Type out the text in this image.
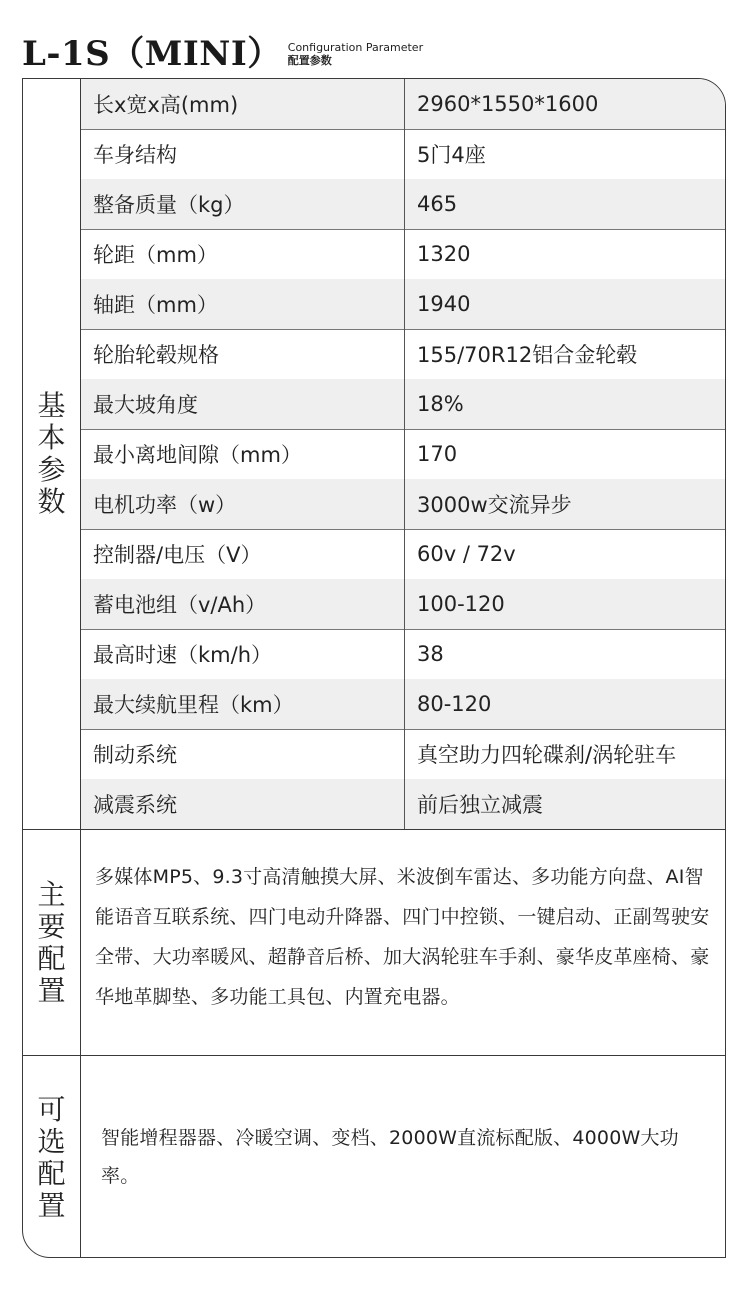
L-1S（MINI） Configuration Parameter
配置参数
长x宽x高(mm)	2960*1550*1600
车身结构	5门4座
整备质量（kg）	465
轮距（mm）	1320
轴距（mm）	1940
轮胎轮毂规格	155/70R12铝合金轮毂
最大坡角度	18%
最小离地间隙（mm）	170
电机功率（w）	3000w交流异步
控制器/电压（V）	60v / 72v
蓄电池组（v/Ah）	100-120
最高时速（km/h）	38
最大续航里程（km）	80-120
制动系统	真空助力四轮碟刹/涡轮驻车
减震系统	前后独立减震
基本参数
主要配置
可选配置
多媒体MP5、9.3寸高清触摸大屏、米波倒车雷达、多功能方向盘、AI智能语音互联系统、四门电动升降器、四门中控锁、一键启动、正副驾驶安全带、大功率暖风、超静音后桥、加大涡轮驻车手刹、豪华皮革座椅、豪华地革脚垫、多功能工具包、内置充电器。
智能增程器器、冷暖空调、变档、2000W直流标配版、4000W大功率。
